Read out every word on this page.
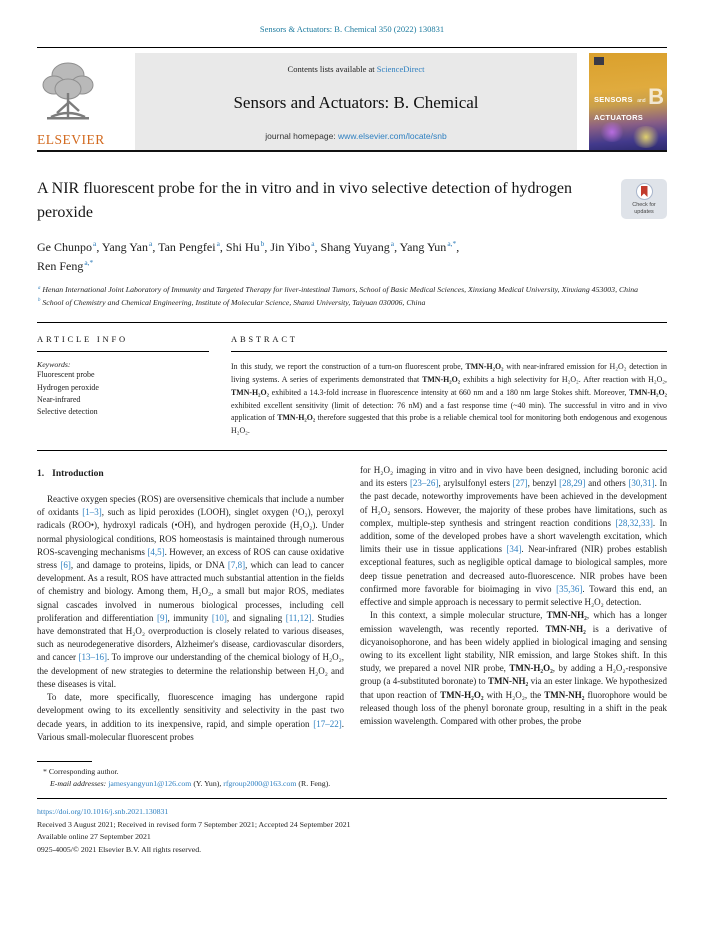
Sensors & Actuators: B. Chemical 350 (2022) 130831
ELSEVIER
Contents lists available at ScienceDirect
Sensors and Actuators: B. Chemical
journal homepage: www.elsevier.com/locate/snb
SENSORS and
ACTUATORS
B
A NIR fluorescent probe for the in vitro and in vivo selective detection of hydrogen peroxide	Check for updates
Ge Chunpo$^a$, Yang Yan$^a$, Tan Pengfei$^a$, Shi Hu$^b$, Jin Yibo$^a$, Shang Yuyang$^a$, Yang Yun$^{a,*}$,
Ren Feng$^{a,*}$
$^a$ Henan International Joint Laboratory of Immunity and Targeted Therapy for liver-intestinal Tumors, School of Basic Medical Sciences, Xinxiang Medical University, Xinxiang 453003, China
$^b$ School of Chemistry and Chemical Engineering, Institute of Molecular Science, Shanxi University, Taiyuan 030006, China
ARTICLE INFO
Keywords:
Fluorescent probe
Hydrogen peroxide
Near-infrared
Selective detection
ABSTRACT
In this study, we report the construction of a turn-on fluorescent probe, TMN-H₂O₂ with near-infrared emission for H₂O₂ detection in living systems. A series of experiments demonstrated that TMN-H₂O₂ exhibits a high selectivity for H₂O₂. After reaction with H₂O₂, TMN-H₂O₂ exhibited a 14.3-fold increase in fluorescence intensity at 660 nm and a 180 nm large Stokes shift. Moreover, TMN-H₂O₂ exhibited excellent sensitivity (limit of detection: 76 nM) and a fast response time (~40 min). The successful in vitro and in vivo application of TMN-H₂O₂ therefore suggested that this probe is a reliable chemical tool for monitoring both endogenous and exogenous H₂O₂.
1. Introduction

Reactive oxygen species (ROS) are oversensitive chemicals that include a number of oxidants [1–3], such as lipid peroxides (LOOH), singlet oxygen (¹O₂), peroxyl radicals (ROO•), hydroxyl radicals (•OH), and hydrogen peroxide (H₂O₂). Under normal physiological conditions, ROS homeostasis is maintained through numerous ROS-scavenging mechanisms [4,5]. However, an excess of ROS can cause oxidative stress [6], and damage to proteins, lipids, or DNA [7,8], which can lead to cancer development. As a result, ROS have attracted much substantial attention in the fields of chemistry and biology. Among them, H₂O₂, a small but major ROS, mediates signal cascades involved in numerous biological processes, including cell proliferation and differentiation [9], immunity [10], and signaling [11,12]. Studies have demonstrated that H₂O₂ overproduction is closely related to various diseases, such as neurodegenerative disorders, Alzheimer's disease, cardiovascular disorders, and cancer [13–16]. To improve our understanding of the chemical biology of H₂O₂, the development of new strategies to determine the relationship between H₂O₂ and these diseases is vital.

To date, more specifically, fluorescence imaging has undergone rapid development owing to its excellently sensitivity and selectivity in the past two decade years, in addition to its inexpensive, rapid, and simple operation [17–22]. Various small-molecular fluorescent probes

for H₂O₂ imaging in vitro and in vivo have been designed, including boronic acid and its esters [23–26], arylsulfonyl esters [27], benzyl [28,29] and others [30,31]. In the past decade, noteworthy improvements have been achieved in the development of H₂O₂ sensors. However, the majority of these probes have limitations, such as complex, multiple-step synthesis and stringent reaction conditions [28,32,33]. In addition, some of the developed probes have a short wavelength excitation, which limits their use in tissue applications [34]. Near-infrared (NIR) probes establish exceptional features, such as negligible optical damage to biological samples, more deep tissue penetration and decreased auto-fluorescence. NIR probes have been confirmed more favorable for bioimaging in vivo [35,36]. Toward this end, an effective and simple approach is necessary to permit selective H₂O₂ detection.

In this context, a simple molecular structure, TMN-NH₂, which has a longer emission wavelength, was recently reported. TMN-NH₂ is a derivative of dicyanoisophorone, and has been widely applied in biological imaging and sensing owing to its excellent light stability, NIR emission, and large Stokes shift. In this study, we prepared a novel NIR probe, TMN-H₂O₂, by adding a H₂O₂-responsive group (a 4-substituted boronate) to TMN-NH₂ via an ester linkage. We hypothesized that upon reaction of TMN-H₂O₂ with H₂O₂, the TMN-NH₂ fluorophore would be released though loss of the phenyl boronate group, resulting in a shift in the peak emission wavelength. Compared with other probes, the probe

* Corresponding author.
E-mail addresses: jamesyangyun1@126.com (Y. Yun), rfgroup2000@163.com (R. Feng).
https://doi.org/10.1016/j.snb.2021.130831
Received 3 August 2021; Received in revised form 7 September 2021; Accepted 24 September 2021
Available online 27 September 2021
0925-4005/© 2021 Elsevier B.V. All rights reserved.
